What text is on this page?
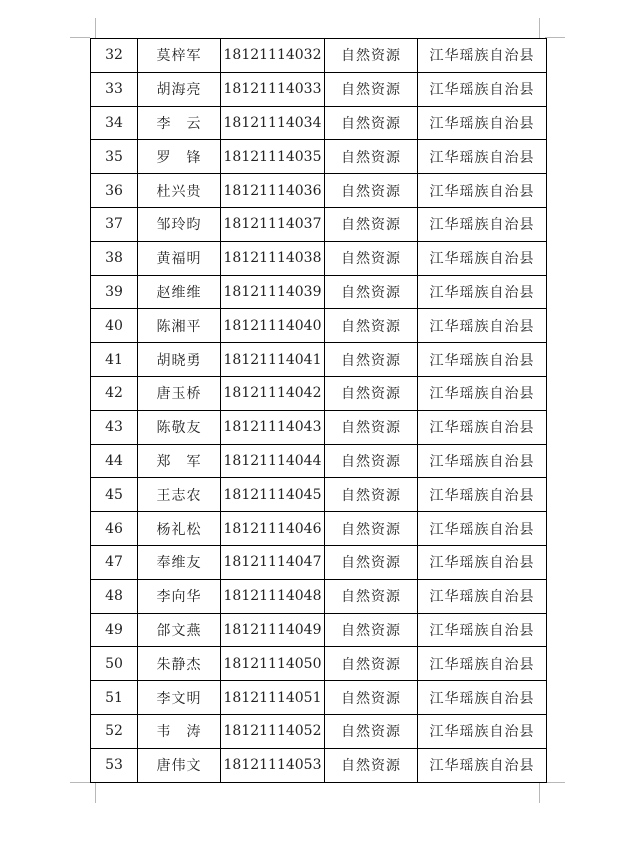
32	莫梓军	18121114032	自然资源	江华瑶族自治县
33	胡海亮	18121114033	自然资源	江华瑶族自治县
34	李　云	18121114034	自然资源	江华瑶族自治县
35	罗　锋	18121114035	自然资源	江华瑶族自治县
36	杜兴贵	18121114036	自然资源	江华瑶族自治县
37	邹玲昀	18121114037	自然资源	江华瑶族自治县
38	黄福明	18121114038	自然资源	江华瑶族自治县
39	赵维维	18121114039	自然资源	江华瑶族自治县
40	陈湘平	18121114040	自然资源	江华瑶族自治县
41	胡晓勇	18121114041	自然资源	江华瑶族自治县
42	唐玉桥	18121114042	自然资源	江华瑶族自治县
43	陈敬友	18121114043	自然资源	江华瑶族自治县
44	郑　军	18121114044	自然资源	江华瑶族自治县
45	王志农	18121114045	自然资源	江华瑶族自治县
46	杨礼松	18121114046	自然资源	江华瑶族自治县
47	奉维友	18121114047	自然资源	江华瑶族自治县
48	李向华	18121114048	自然资源	江华瑶族自治县
49	郃文燕	18121114049	自然资源	江华瑶族自治县
50	朱静杰	18121114050	自然资源	江华瑶族自治县
51	李文明	18121114051	自然资源	江华瑶族自治县
52	韦　涛	18121114052	自然资源	江华瑶族自治县
53	唐伟文	18121114053	自然资源	江华瑶族自治县
